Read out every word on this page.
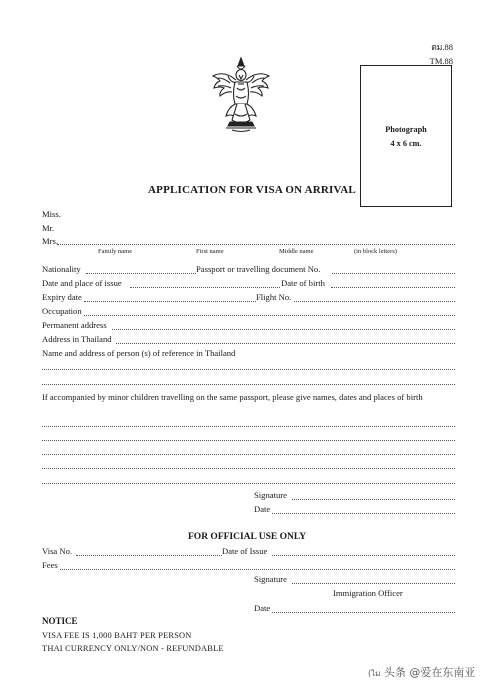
ตม.88
TM.88
Photograph
4 x 6 cm.
APPLICATION FOR VISA ON ARRIVAL
Miss.
Mr.
Mrs.
Family name	First name	Middle name	(in block letters)
Nationality	Passport or travelling document No.
Date and place of issue	Date of birth
Expiry date	Flight No.
Occupation
Permanent address
Address in Thailand
Name and address of person (s) of reference in Thailand
If accompanied by minor children travelling on the same passport, please give names, dates and places of birth
Signature
Date
FOR OFFICIAL USE ONLY
Visa No.	Date of Issue
Fees
Signature
Immigration Officer
Date
NOTICE
VISA FEE IS 1,000 BAHT PER PERSON
THAI CURRENCY ONLY/NON - REFUNDABLE
(ไม 头条 @爱在东南亚
